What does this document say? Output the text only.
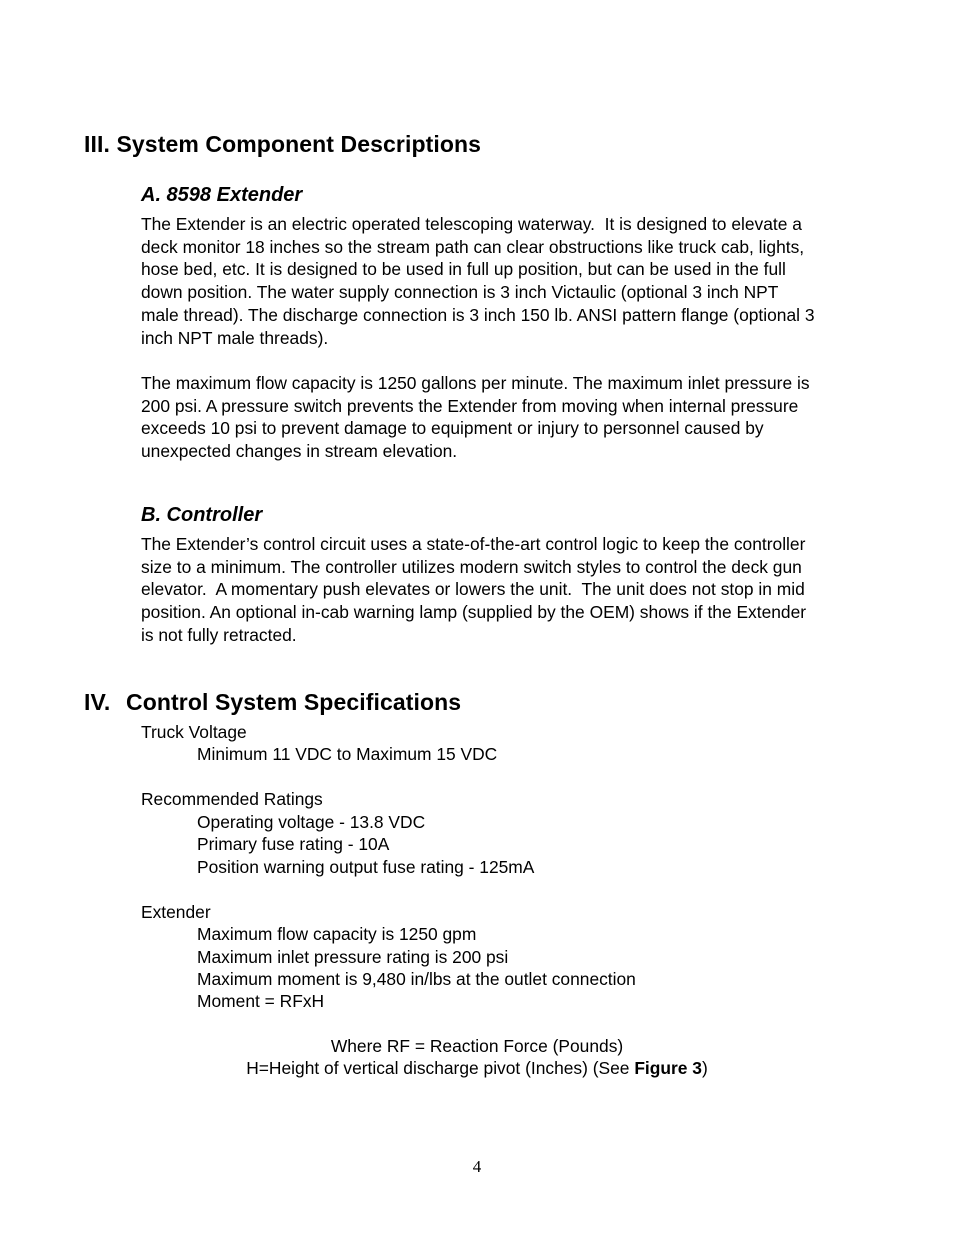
III. System Component Descriptions
A. 8598 Extender
The Extender is an electric operated telescoping waterway.  It is designed to elevate a
deck monitor 18 inches so the stream path can clear obstructions like truck cab, lights,
hose bed, etc. It is designed to be used in full up position, but can be used in the full
down position. The water supply connection is 3 inch Victaulic (optional 3 inch NPT
male thread). The discharge connection is 3 inch 150 lb. ANSI pattern flange (optional 3
inch NPT male threads).
The maximum flow capacity is 1250 gallons per minute. The maximum inlet pressure is
200 psi. A pressure switch prevents the Extender from moving when internal pressure
exceeds 10 psi to prevent damage to equipment or injury to personnel caused by
unexpected changes in stream elevation.
B. Controller
The Extender’s control circuit uses a state-of-the-art control logic to keep the controller
size to a minimum. The controller utilizes modern switch styles to control the deck gun
elevator.  A momentary push elevates or lowers the unit.  The unit does not stop in mid
position. An optional in-cab warning lamp (supplied by the OEM) shows if the Extender
is not fully retracted.
IV. Control System Specifications

Truck Voltage

Minimum 11 VDC to Maximum 15 VDC

Recommended Ratings

Operating voltage - 13.8 VDC

Primary fuse rating - 10A

Position warning output fuse rating - 125mA

Extender

Maximum flow capacity is 1250 gpm

Maximum inlet pressure rating is 200 psi

Maximum moment is 9,480 in/lbs at the outlet connection

Moment = RFxH

Where RF = Reaction Force (Pounds)

H=Height of vertical discharge pivot (Inches) (See Figure 3)

4
